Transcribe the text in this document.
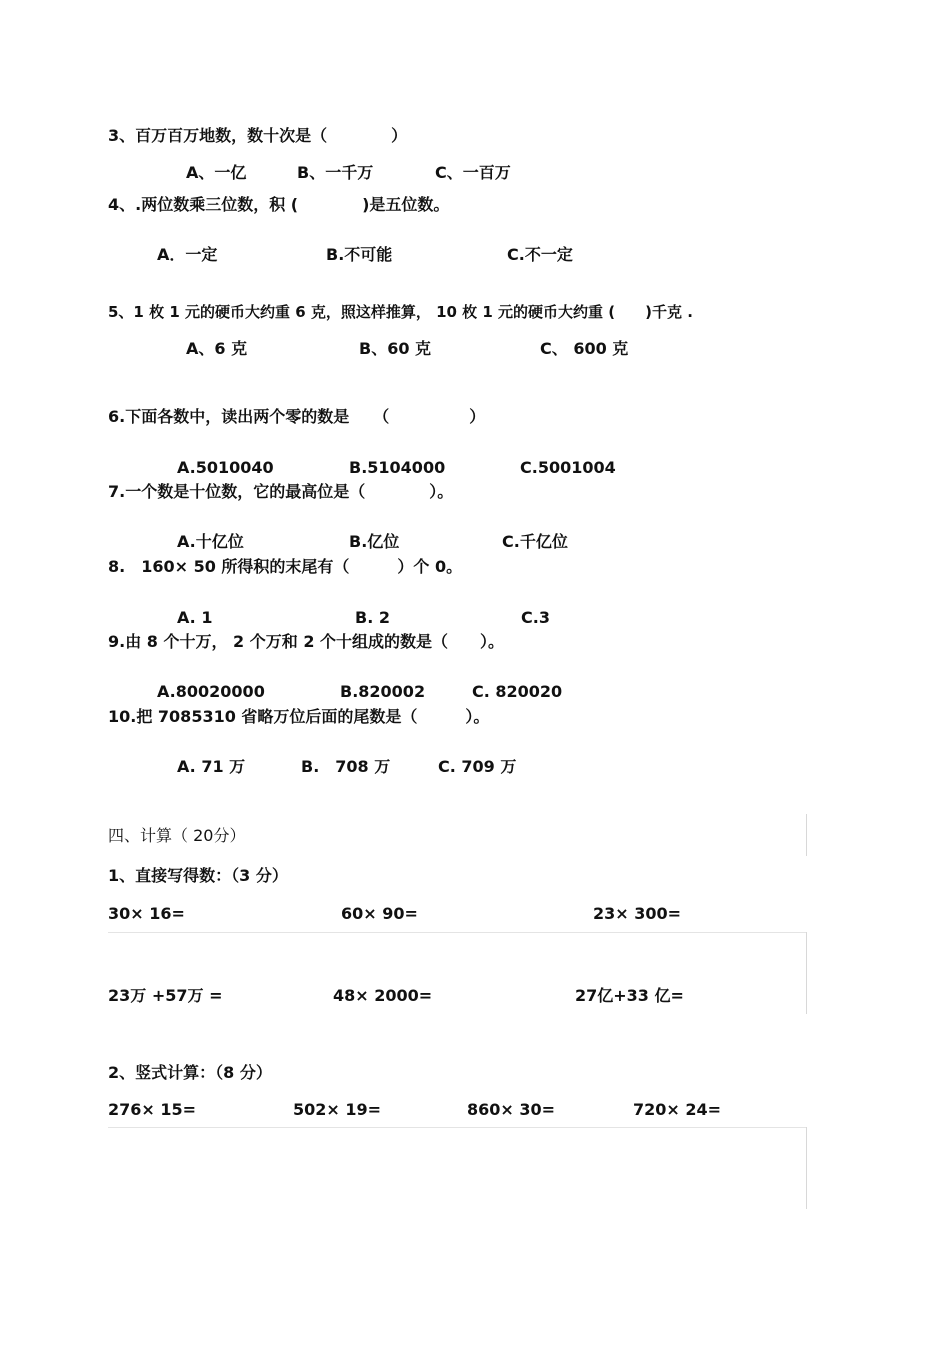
3、百万百万地数，数十次是（　　　　）
A、一亿	B、一千万	C、一百万
4、.两位数乘三位数，积 (　　　　)是五位数。
A．一定	B.不可能	C.不一定
5、1 枚 1 元的硬币大约重 6 克，照这样推算， 10 枚 1 元的硬币大约重 (　　)千克 .
A、6 克	B、60 克	C、 600 克
6.下面各数中，读出两个零的数是　　（　　　　　）
A.5010040	B.5104000	C.5001004
7.一个数是十位数，它的最高位是（　　　　）。
A.十亿位	B.亿位	C.千亿位
8.　160× 50 所得积的末尾有（　　　）个 0。
A. 1	B. 2	C.3
9.由 8 个十万， 2 个万和 2 个十组成的数是（　　）。
A.80020000	B.820002	C. 820020
10.把 7085310 省略万位后面的尾数是（　　　）。
A. 71 万	B.　708 万	C. 709 万
四、计算（ 20分）
1、直接写得数：（3 分）
30× 16=	60× 90=	23× 300=
23万 +57万 =	48× 2000=	27亿+33 亿=
2、竖式计算：（8 分）
276× 15=	502× 19=	860× 30=	720× 24=
